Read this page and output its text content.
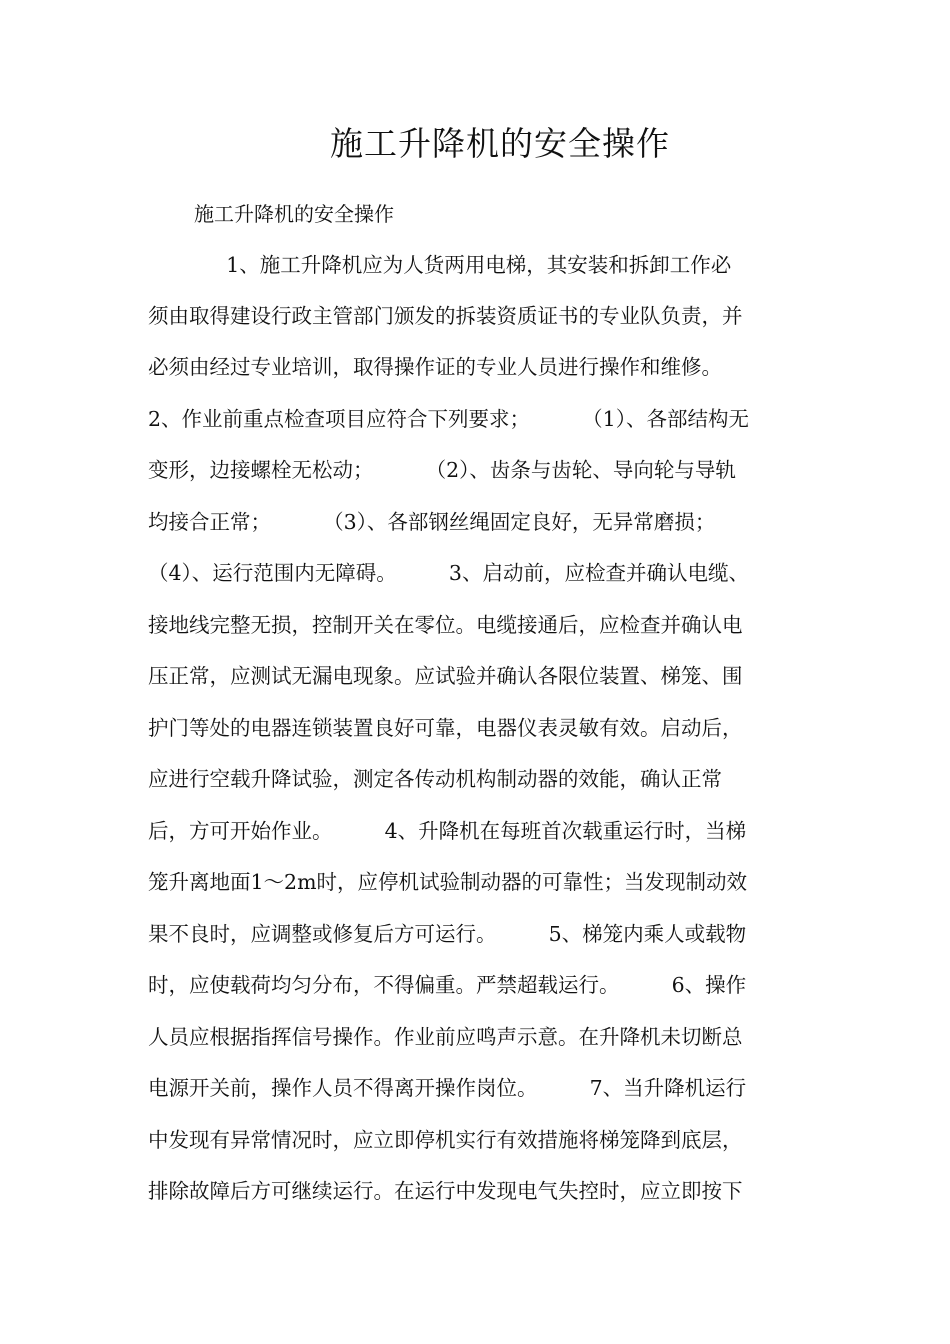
施工升降机的安全操作

施工升降机的安全操作

1、施工升降机应为人货两用电梯，其安装和拆卸工作必

须由取得建设行政主管部门颁发的拆装资质证书的专业队负责，并

必须由经过专业培训，取得操作证的专业人员进行操作和维修。

2、作业前重点检查项目应符合下列要求；        （1）、各部结构无

变形，边接螺栓无松动；        （2）、齿条与齿轮、导向轮与导轨

均接合正常；        （3）、各部钢丝绳固定良好，无异常磨损；

（4）、运行范围内无障碍。        3、启动前，应检查并确认电缆、

接地线完整无损，控制开关在零位。电缆接通后，应检查并确认电

压正常，应测试无漏电现象。应试验并确认各限位装置、梯笼、围

护门等处的电器连锁装置良好可靠，电器仪表灵敏有效。启动后，

应进行空载升降试验，测定各传动机构制动器的效能，确认正常

后，方可开始作业。        4、升降机在每班首次载重运行时，当梯

笼升离地面1～2m时，应停机试验制动器的可靠性；当发现制动效

果不良时，应调整或修复后方可运行。        5、梯笼内乘人或载物

时，应使载荷均匀分布，不得偏重。严禁超载运行。        6、操作

人员应根据指挥信号操作。作业前应鸣声示意。在升降机未切断总

电源开关前，操作人员不得离开操作岗位。        7、当升降机运行

中发现有异常情况时，应立即停机实行有效措施将梯笼降到底层，

排除故障后方可继续运行。在运行中发现电气失控时，应立即按下
